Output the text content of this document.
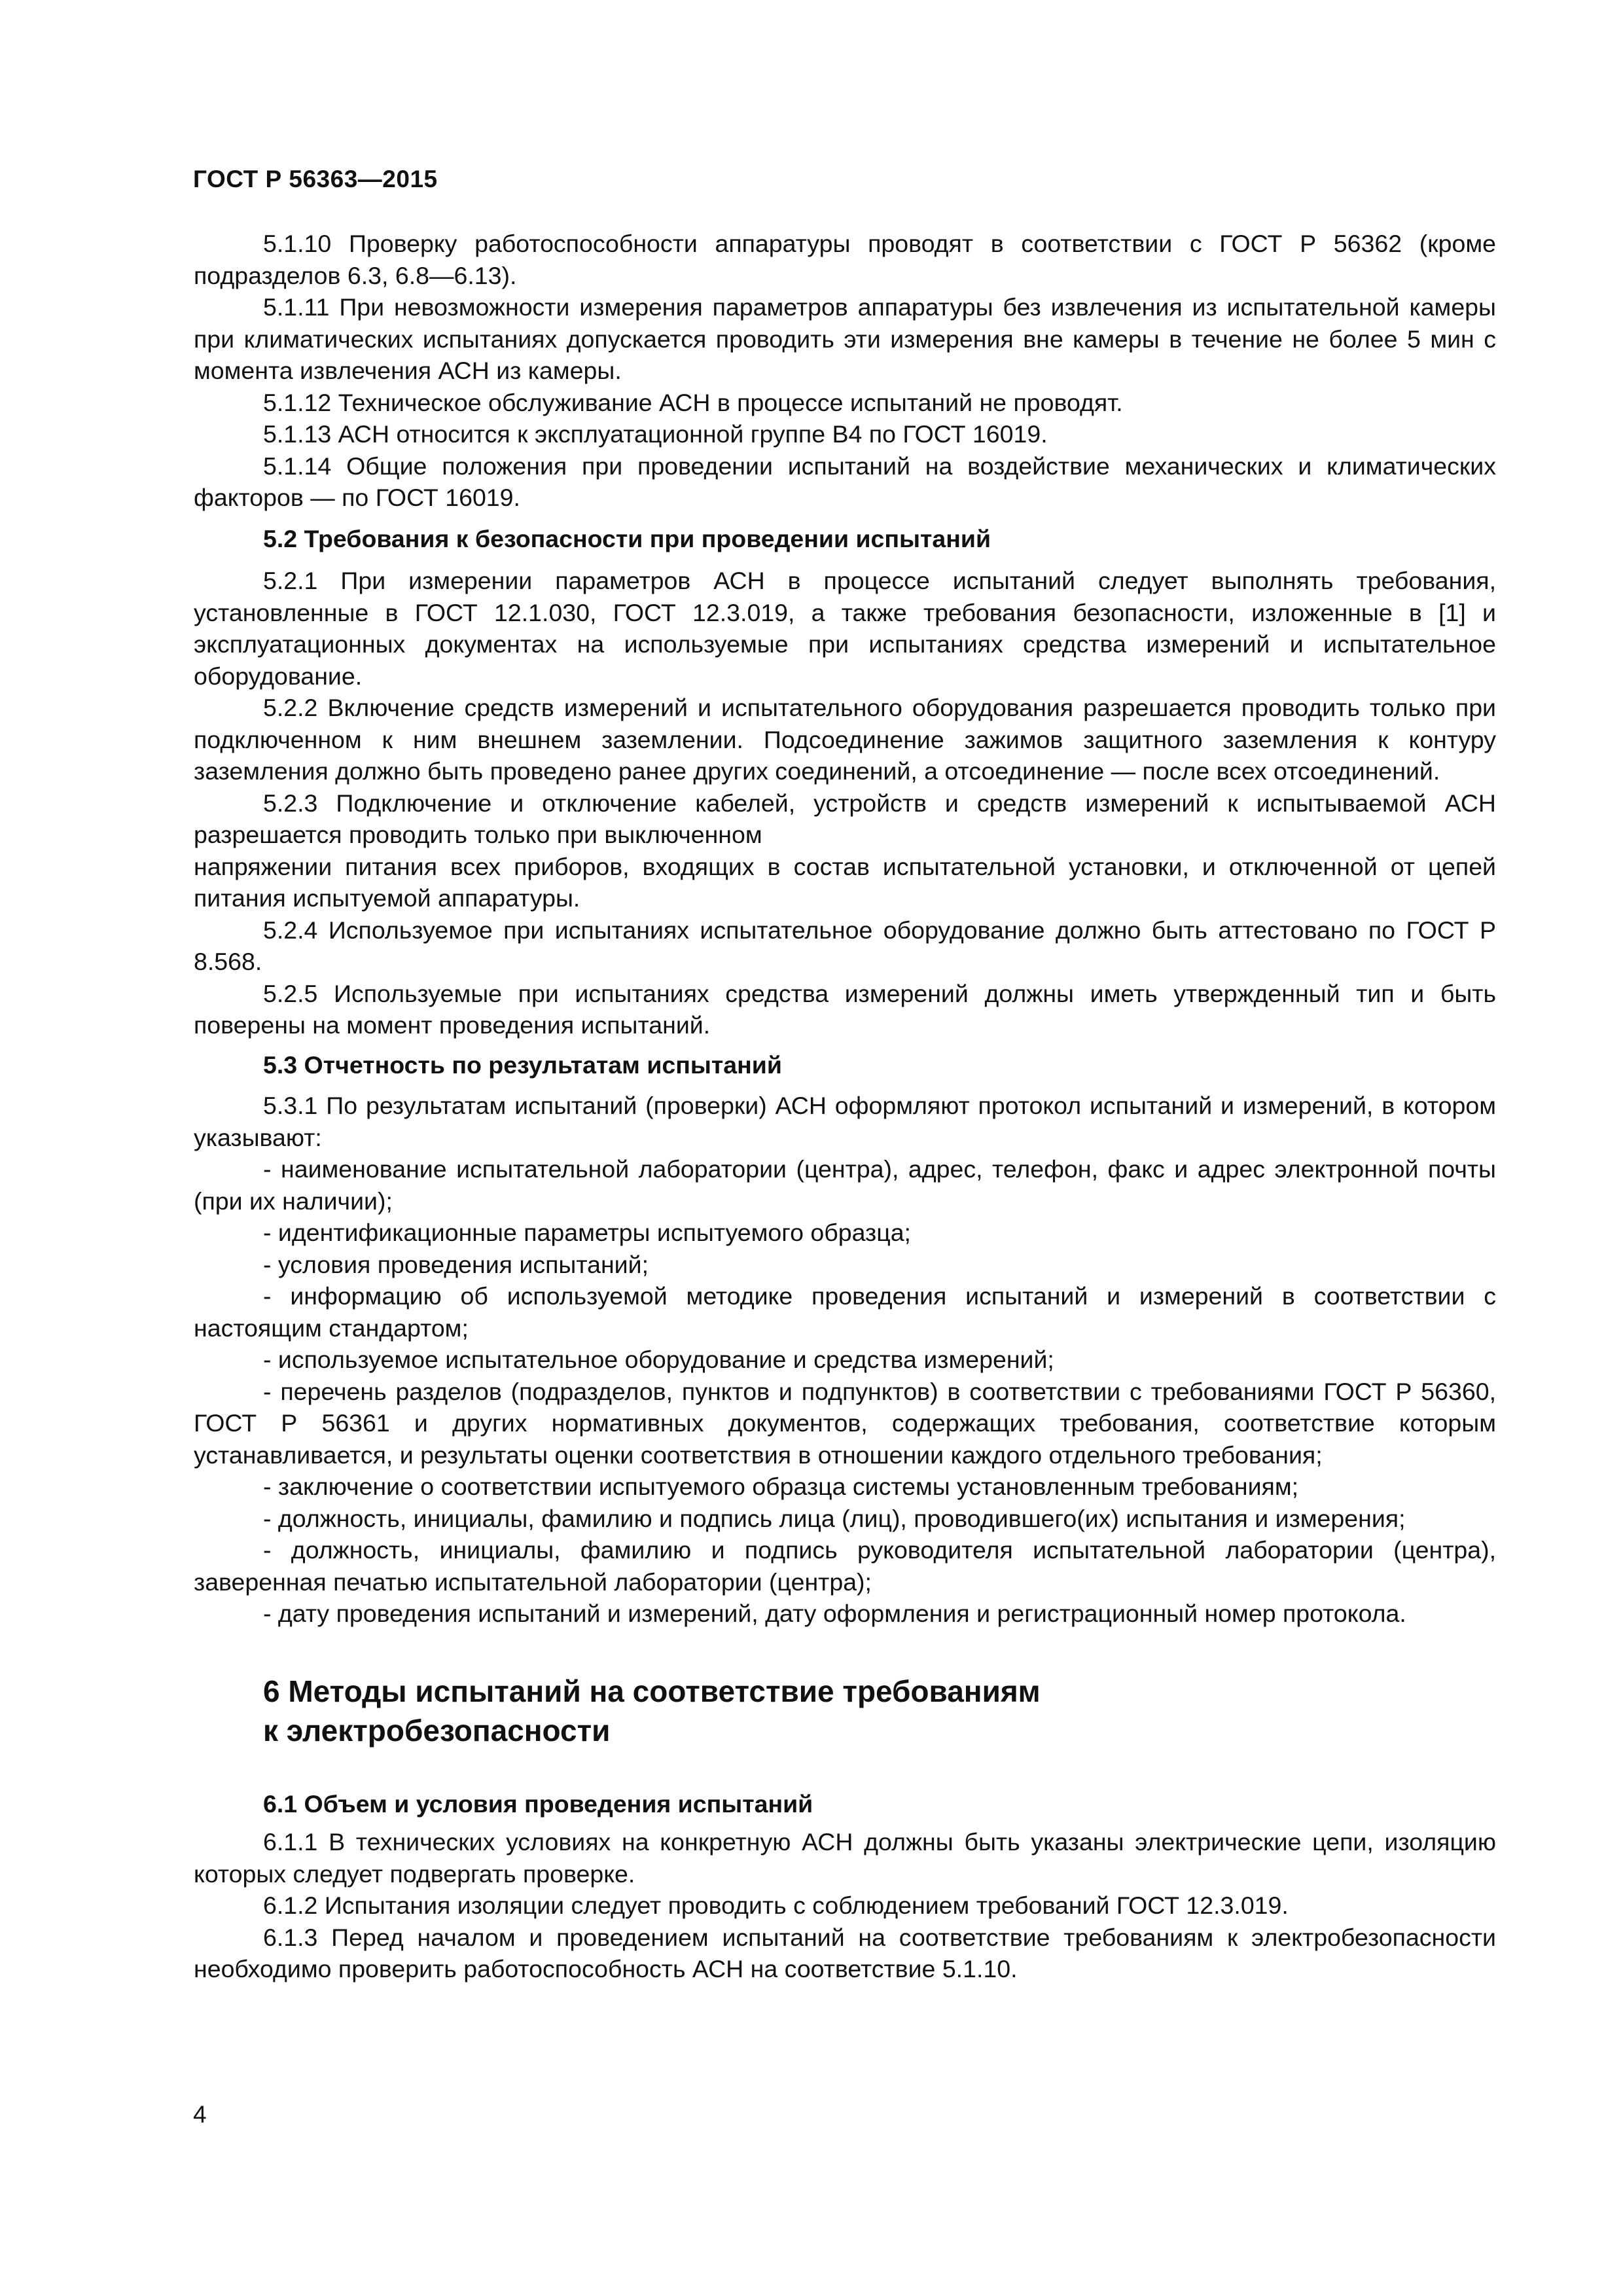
ГОСТ Р 56363—2015
5.1.10 Проверку работоспособности аппаратуры проводят в соответствии с ГОСТ Р 56362 (кроме подразделов 6.3, 6.8—6.13).
5.1.11 При невозможности измерения параметров аппаратуры без извлечения из испытательной камеры при климатических испытаниях допускается проводить эти измерения вне камеры в течение не более 5 мин с момента извлечения АСН из камеры.
5.1.12 Техническое обслуживание АСН в процессе испытаний не проводят.
5.1.13 АСН относится к эксплуатационной группе В4 по ГОСТ 16019.
5.1.14 Общие положения при проведении испытаний на воздействие механических и климатических факторов — по ГОСТ 16019.
5.2 Требования к безопасности при проведении испытаний
5.2.1 При измерении параметров АСН в процессе испытаний следует выполнять требования, установленные в ГОСТ 12.1.030, ГОСТ 12.3.019, а также требования безопасности, изложенные в [1] и эксплуатационных документах на используемые при испытаниях средства измерений и испытательное оборудование.
5.2.2 Включение средств измерений и испытательного оборудования разрешается проводить только при подключенном к ним внешнем заземлении. Подсоединение зажимов защитного заземления к контуру заземления должно быть проведено ранее других соединений, а отсоединение — после всех отсоединений.
5.2.3 Подключение и отключение кабелей, устройств и средств измерений к испытываемой АСН разрешается проводить только при выключенном
напряжении питания всех приборов, входящих в состав испытательной установки, и отключенной от цепей питания испытуемой аппаратуры.
5.2.4 Используемое при испытаниях испытательное оборудование должно быть аттестовано по ГОСТ Р 8.568.
5.2.5 Используемые при испытаниях средства измерений должны иметь утвержденный тип и быть поверены на момент проведения испытаний.
5.3 Отчетность по результатам испытаний
5.3.1 По результатам испытаний (проверки) АСН оформляют протокол испытаний и измерений, в котором указывают:
- наименование испытательной лаборатории (центра), адрес, телефон, факс и адрес электронной почты (при их наличии);
- идентификационные параметры испытуемого образца;
- условия проведения испытаний;
- информацию об используемой методике проведения испытаний и измерений в соответствии с настоящим стандартом;
- используемое испытательное оборудование и средства измерений;
- перечень разделов (подразделов, пунктов и подпунктов) в соответствии с требованиями ГОСТ Р 56360, ГОСТ Р 56361 и других нормативных документов, содержащих требования, соответствие которым устанавливается, и результаты оценки соответствия в отношении каждого отдельного требования;
- заключение о соответствии испытуемого образца системы установленным требованиям;
- должность, инициалы, фамилию и подпись лица (лиц), проводившего(их) испытания и измерения;
- должность, инициалы, фамилию и подпись руководителя испытательной лаборатории (центра), заверенная печатью испытательной лаборатории (центра);
- дату проведения испытаний и измерений, дату оформления и регистрационный номер протокола.
6 Методы испытаний на соответствие требованиям
к электробезопасности
6.1 Объем и условия проведения испытаний
6.1.1 В технических условиях на конкретную АСН должны быть указаны электрические цепи, изоляцию которых следует подвергать проверке.
6.1.2 Испытания изоляции следует проводить с соблюдением требований ГОСТ 12.3.019.
6.1.3 Перед началом и проведением испытаний на соответствие требованиям к электробезопасности необходимо проверить работоспособность АСН на соответствие 5.1.10.
4
